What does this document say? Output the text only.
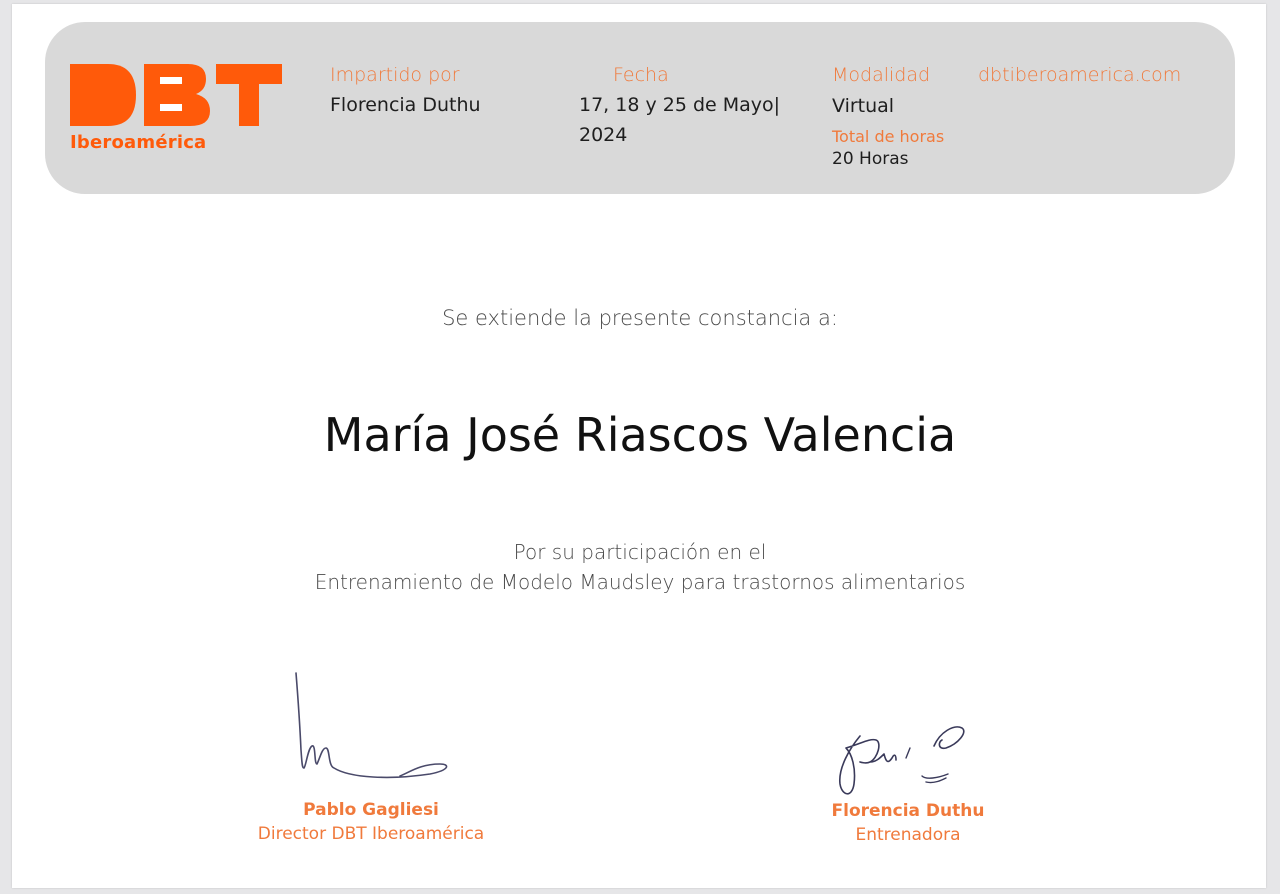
Iberoamérica
Impartido por
Florencia Duthu
Fecha
17, 18 y 25 de Mayo|
2024
Modalidad
Virtual
Total de horas
20 Horas
dbtiberoamerica.com
Se extiende la presente constancia a:
María José Riascos Valencia
Por su participación en el
Entrenamiento de Modelo Maudsley para trastornos alimentarios
Pablo Gagliesi
Director DBT Iberoamérica
Florencia Duthu
Entrenadora
